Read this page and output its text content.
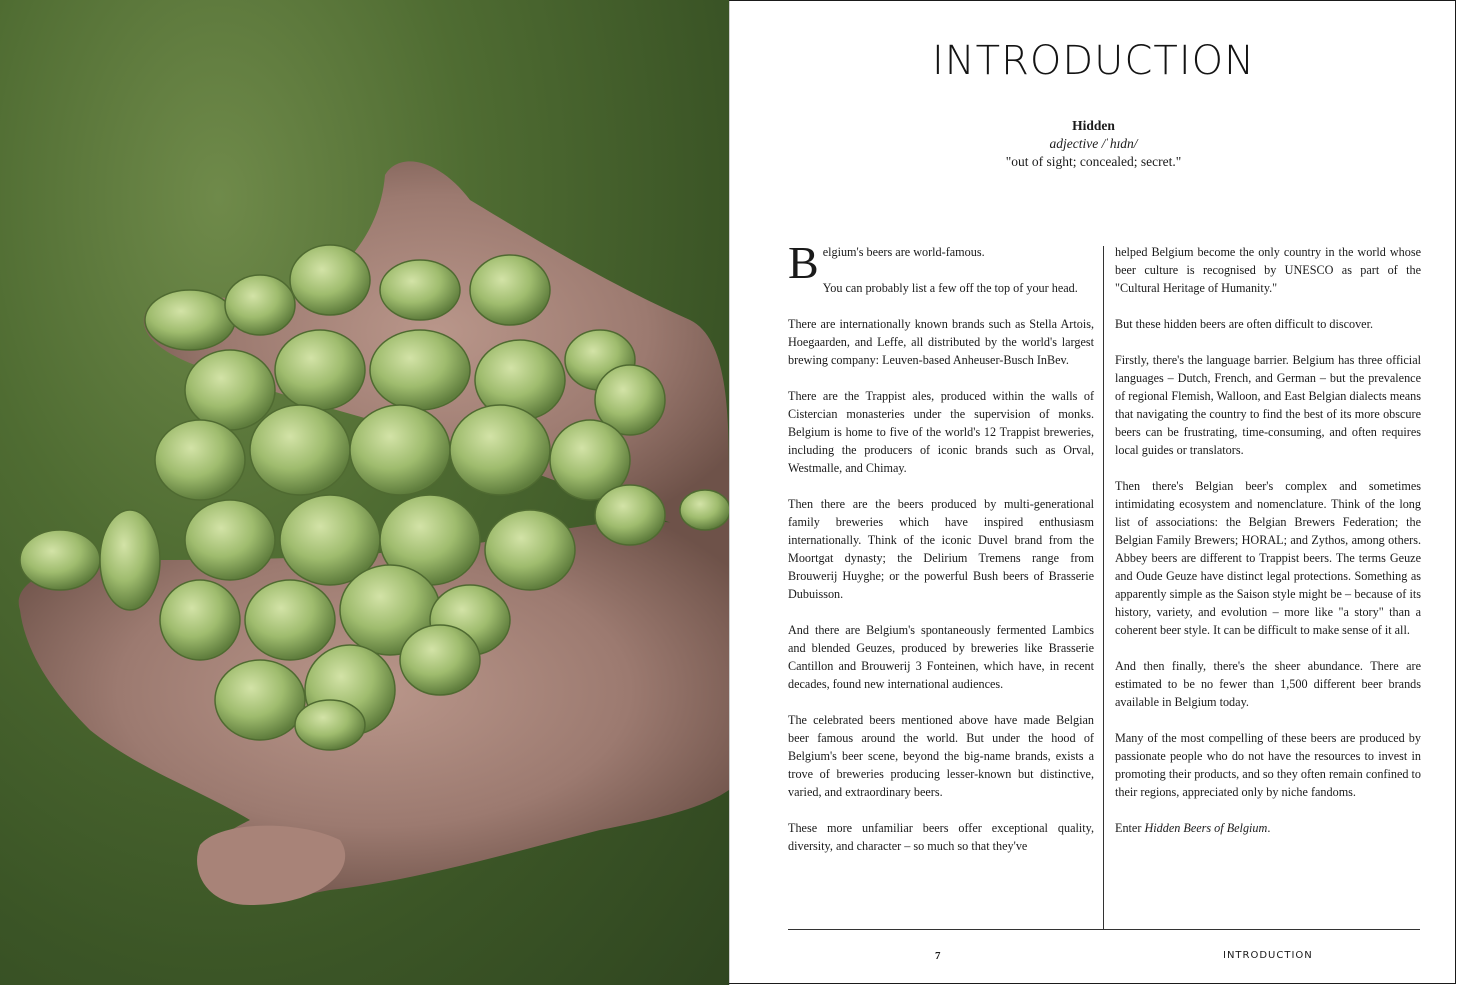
INTRODUCTION
Hidden
adjective /ˈhɪdn/
"out of sight; concealed; secret."

Belgium's beers are world-famous.

You can probably list a few off the top of your head.

There are internationally known brands such as Stella Artois, Hoegaarden, and Leffe, all distributed by the world's largest brewing company: Leuven-based Anheuser-Busch InBev.

There are the Trappist ales, produced within the walls of Cistercian monasteries under the supervision of monks. Belgium is home to five of the world's 12 Trappist breweries, including the producers of iconic brands such as Orval, Westmalle, and Chimay.

Then there are the beers produced by multi-generational family breweries which have inspired enthusiasm internationally. Think of the iconic Duvel brand from the Moortgat dynasty; the Delirium Tremens range from Brouwerij Huyghe; or the powerful Bush beers of Brasserie Dubuisson.

And there are Belgium's spontaneously fermented Lambics and blended Geuzes, produced by breweries like Brasserie Cantillon and Brouwerij 3 Fonteinen, which have, in recent decades, found new international audiences.

The celebrated beers mentioned above have made Belgian beer famous around the world. But under the hood of Belgium's beer scene, beyond the big-name brands, exists a trove of breweries producing lesser-known but distinctive, varied, and extraordinary beers.

These more unfamiliar beers offer exceptional quality, diversity, and character – so much so that they've

helped Belgium become the only country in the world whose beer culture is recognised by UNESCO as part of the "Cultural Heritage of Humanity."

But these hidden beers are often difficult to discover.

Firstly, there's the language barrier. Belgium has three official languages – Dutch, French, and German – but the prevalence of regional Flemish, Walloon, and East Belgian dialects means that navigating the country to find the best of its more obscure beers can be frustrating, time-consuming, and often requires local guides or translators.

Then there's Belgian beer's complex and sometimes intimidating ecosystem and nomenclature. Think of the long list of associations: the Belgian Brewers Federation; the Belgian Family Brewers; HORAL; and Zythos, among others. Abbey beers are different to Trappist beers. The terms Geuze and Oude Geuze have distinct legal protections. Something as apparently simple as the Saison style might be – because of its history, variety, and evolution – more like "a story" than a coherent beer style. It can be difficult to make sense of it all.

And then finally, there's the sheer abundance. There are estimated to be no fewer than 1,500 different beer brands available in Belgium today.

Many of the most compelling of these beers are produced by passionate people who do not have the resources to invest in promoting their products, and so they often remain confined to their regions, appreciated only by niche fandoms.

Enter Hidden Beers of Belgium.

7	INTRODUCTION
